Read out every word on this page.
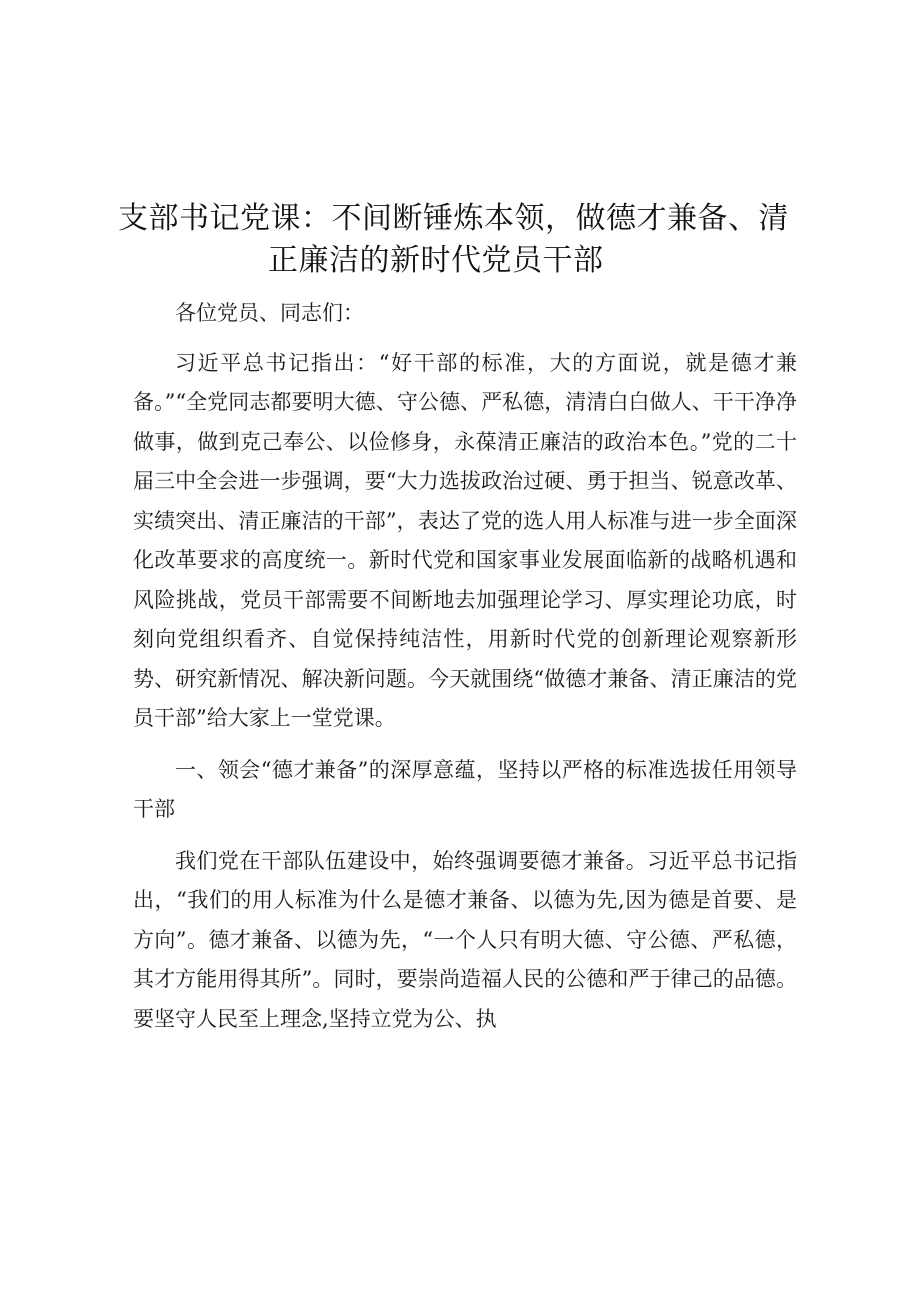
支部书记党课：不间断锤炼本领，做德才兼备、清
正廉洁的新时代党员干部

各位党员、同志们：

习近平总书记指出：“好干部的标准，大的方面说，就是德才兼备。”“全党同志都要明大德、守公德、严私德，清清白白做人、干干净净做事，做到克己奉公、以俭修身，永葆清正廉洁的政治本色。”党的二十届三中全会进一步强调，要“大力选拔政治过硬、勇于担当、锐意改革、实绩突出、清正廉洁的干部”，表达了党的选人用人标准与进一步全面深化改革要求的高度统一。新时代党和国家事业发展面临新的战略机遇和风险挑战，党员干部需要不间断地去加强理论学习、厚实理论功底，时刻向党组织看齐、自觉保持纯洁性，用新时代党的创新理论观察新形势、研究新情况、解决新问题。今天就围绕“做德才兼备、清正廉洁的党员干部”给大家上一堂党课。

一、领会“德才兼备”的深厚意蕴，坚持以严格的标准选拔任用领导干部

我们党在干部队伍建设中，始终强调要德才兼备。习近平总书记指出，“我们的用人标准为什么是德才兼备、以德为先,因为德是首要、是方向”。德才兼备、以德为先，“一个人只有明大德、守公德、严私德，其才方能用得其所”。同时，要崇尚造福人民的公德和严于律己的品德。要坚守人民至上理念,坚持立党为公、执
